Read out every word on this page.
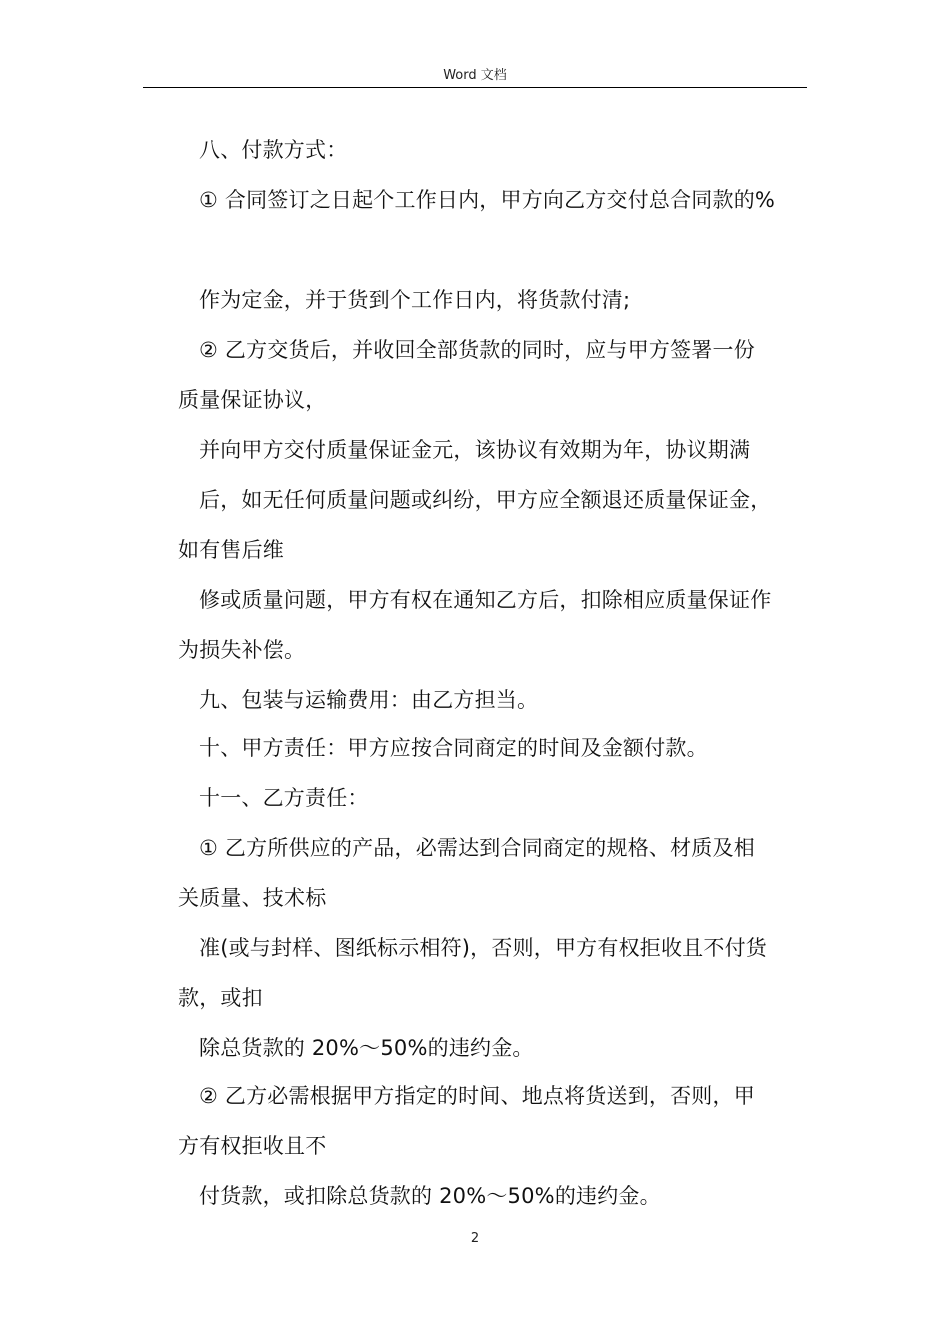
Word 文档
八、付款方式：
① 合同签订之日起个工作日内，甲方向乙方交付总合同款的%
作为定金，并于货到个工作日内，将货款付清;
② 乙方交货后，并收回全部货款的同时，应与甲方签署一份
质量保证协议，
并向甲方交付质量保证金元，该协议有效期为年，协议期满
后，如无任何质量问题或纠纷，甲方应全额退还质量保证金，
如有售后维
修或质量问题，甲方有权在通知乙方后，扣除相应质量保证作
为损失补偿。
九、包装与运输费用：由乙方担当。
十、甲方责任：甲方应按合同商定的时间及金额付款。
十一、乙方责任：
① 乙方所供应的产品，必需达到合同商定的规格、材质及相
关质量、技术标
准(或与封样、图纸标示相符)，否则，甲方有权拒收且不付货
款，或扣
除总货款的 20%～50%的违约金。
② 乙方必需根据甲方指定的时间、地点将货送到，否则，甲
方有权拒收且不
付货款，或扣除总货款的 20%～50%的违约金。
2
